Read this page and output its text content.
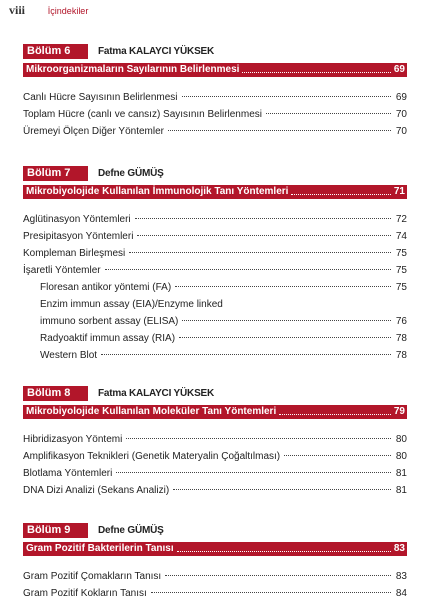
viii	İçindekiler
Bölüm 6	Fatma KALAYCI YÜKSEK
Mikroorganizmaların Sayılarının Belirlenmesi	69
Canlı Hücre Sayısının Belirlenmesi	69
Toplam Hücre (canlı ve cansız) Sayısının Belirlenmesi	70
Üremeyi Ölçen Diğer Yöntemler	70
Bölüm 7	Defne GÜMÜŞ
Mikrobiyolojide Kullanılan İmmunolojik Tanı Yöntemleri	71
Aglütinasyon Yöntemleri	72
Presipitasyon Yöntemleri	74
Kompleman Birleşmesi	75
İşaretli Yöntemler	75
Floresan antikor yöntemi (FA)	75
Enzim immun assay (EIA)/Enzyme linked
immuno sorbent assay (ELISA)	76
Radyoaktif immun assay (RIA)	78
Western Blot	78
Bölüm 8	Fatma KALAYCI YÜKSEK
Mikrobiyolojide Kullanılan Moleküler Tanı Yöntemleri	79
Hibridizasyon Yöntemi	80
Amplifikasyon Teknikleri (Genetik Materyalin Çoğaltılması)	80
Blotlama Yöntemleri	81
DNA Dizi Analizi (Sekans Analizi)	81
Bölüm 9	Defne GÜMÜŞ
Gram Pozitif Bakterilerin Tanısı	83
Gram Pozitif Çomakların Tanısı	83
Gram Pozitif Kokların Tanısı	84
